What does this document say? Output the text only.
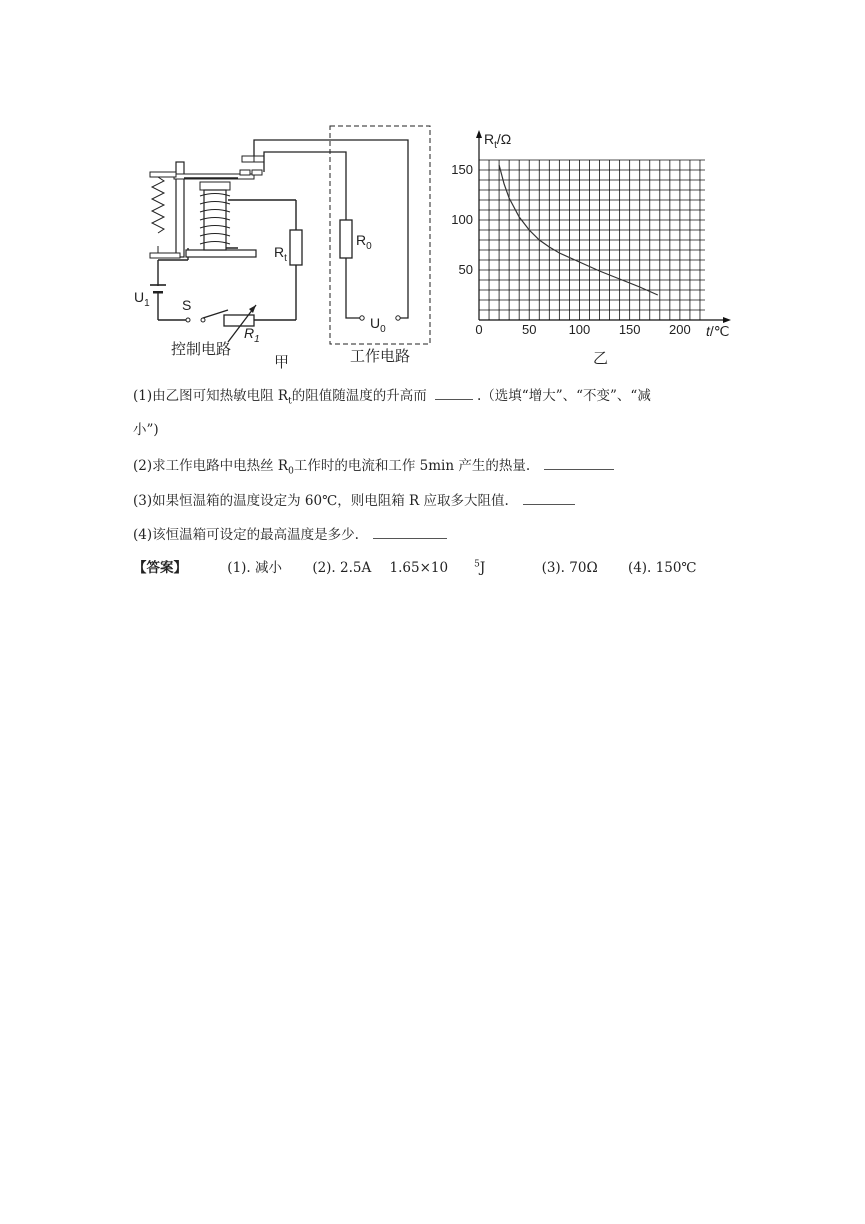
$U_1$ S
$R_1$
$R_t$
$R_0$
$U_0$
控制电路
甲	工作电路
0	50 100 150 200
50
100
150
$R_t/\Omega$
t/℃
乙
(1)由乙图可知热敏电阻 $R_t$的阻值随温度的升高而	.（选填“增大”、“不变”、“减
小”)
(2)求工作电路中电热丝 $R_0$工作时的电流和工作 5min 产生的热量.
(3)如果恒温箱的温度设定为 60℃，则电阻箱 R 应取多大阻值.
(4)该恒温箱可设定的最高温度是多少.
【答案】	(1). 减小 (2). 2.5A 1.65×10	$^5$J	(3). 70Ω (4). 150℃
